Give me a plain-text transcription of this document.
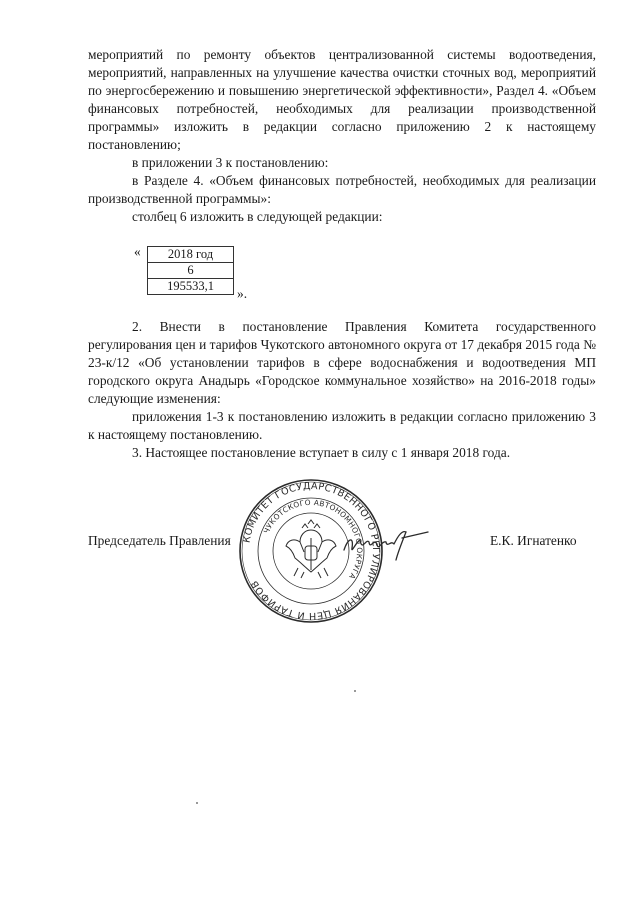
мероприятий по ремонту объектов централизованной системы водоотведения, мероприятий, направленных на улучшение качества очистки сточных вод, мероприятий по энергосбережению и повышению энергетической эффективности», Раздел 4. «Объем финансовых потребностей, необходимых для реализации производственной программы» изложить в редакции согласно приложению 2 к настоящему постановлению;

в приложении 3 к постановлению:

в Разделе 4. «Объем финансовых потребностей, необходимых для реализации производственной программы»:

столбец 6 изложить в следующей редакции:

« 2018 год
6
195533,1 ».

2. Внести в постановление Правления Комитета государственного регулирования цен и тарифов Чукотского автономного округа от 17 декабря 2015 года № 23-к/12 «Об установлении тарифов в сфере водоснабжения и водоотведения МП городского округа Анадырь «Городское коммунальное хозяйство» на 2016-2018 годы» следующие изменения:

приложения 1-3 к постановлению изложить в редакции согласно приложению 3 к настоящему постановлению.

3. Настоящее постановление вступает в силу с 1 января 2018 года.

КОМИТЕТ ГОСУДАРСТВЕННОГО РЕГУЛИРОВАНИЯ ЦЕН И ТАРИФОВ
ЧУКОТСКОГО АВТОНОМНОГО ОКРУГА
Председатель Правления	Е.К. Игнатенко
